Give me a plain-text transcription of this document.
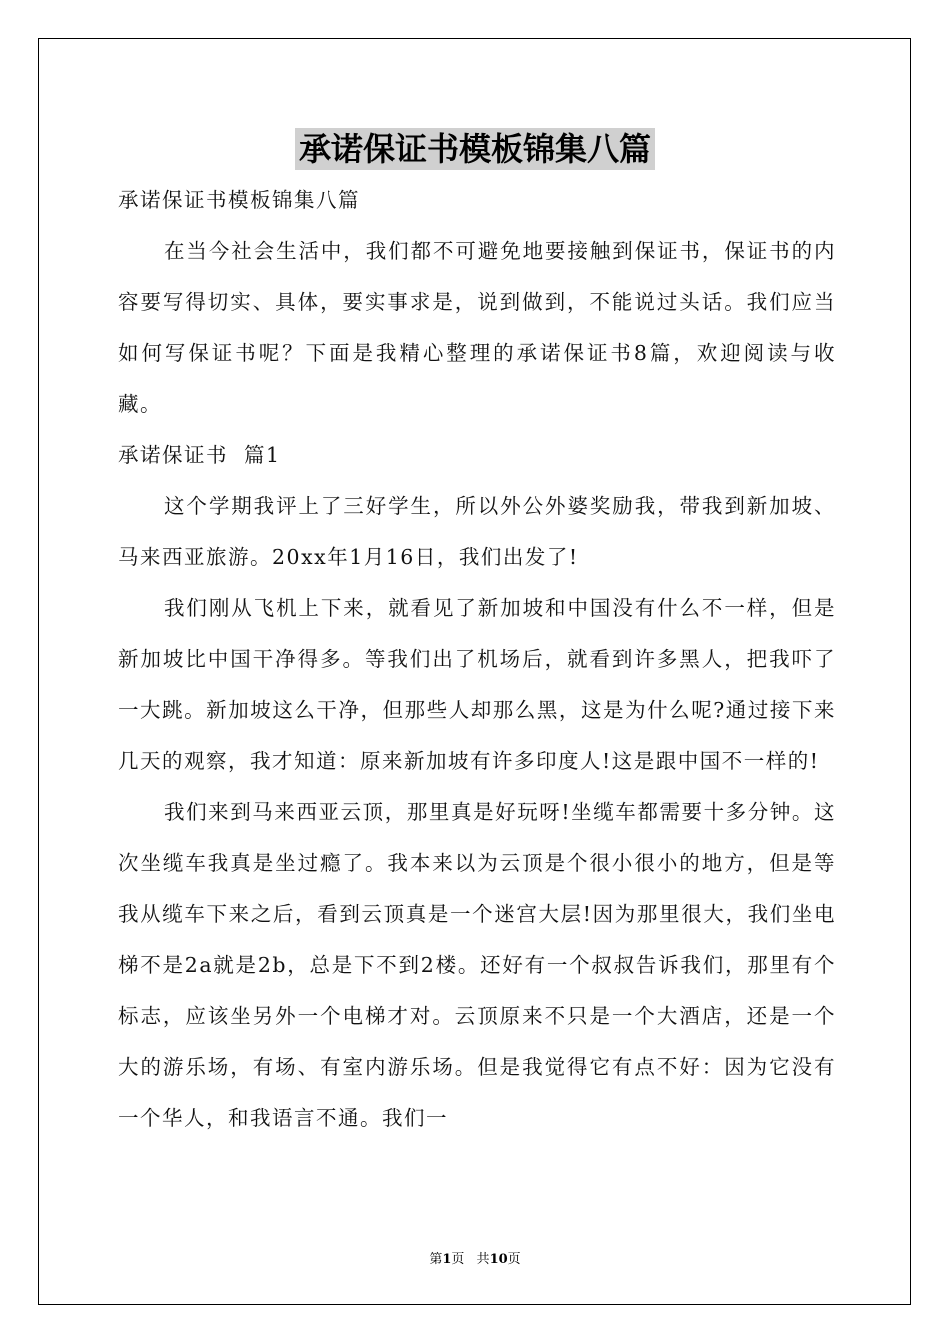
承诺保证书模板锦集八篇

承诺保证书模板锦集八篇

在当今社会生活中，我们都不可避免地要接触到保证书，保证书的内容要写得切实、具体，要实事求是，说到做到，不能说过头话。我们应当如何写保证书呢？下面是我精心整理的承诺保证书8篇，欢迎阅读与收藏。

承诺保证书  篇1

这个学期我评上了三好学生，所以外公外婆奖励我，带我到新加坡、马来西亚旅游。20xx年1月16日，我们出发了!

我们刚从飞机上下来，就看见了新加坡和中国没有什么不一样，但是新加坡比中国干净得多。等我们出了机场后，就看到许多黑人，把我吓了一大跳。新加坡这么干净，但那些人却那么黑，这是为什么呢?通过接下来几天的观察，我才知道：原来新加坡有许多印度人!这是跟中国不一样的!

我们来到马来西亚云顶，那里真是好玩呀!坐缆车都需要十多分钟。这次坐缆车我真是坐过瘾了。我本来以为云顶是个很小很小的地方，但是等我从缆车下来之后，看到云顶真是一个迷宫大层!因为那里很大，我们坐电梯不是2a就是2b，总是下不到2楼。还好有一个叔叔告诉我们，那里有个标志，应该坐另外一个电梯才对。云顶原来不只是一个大酒店，还是一个大的游乐场，有场、有室内游乐场。但是我觉得它有点不好：因为它没有一个华人，和我语言不通。我们一

第1页 共10页
